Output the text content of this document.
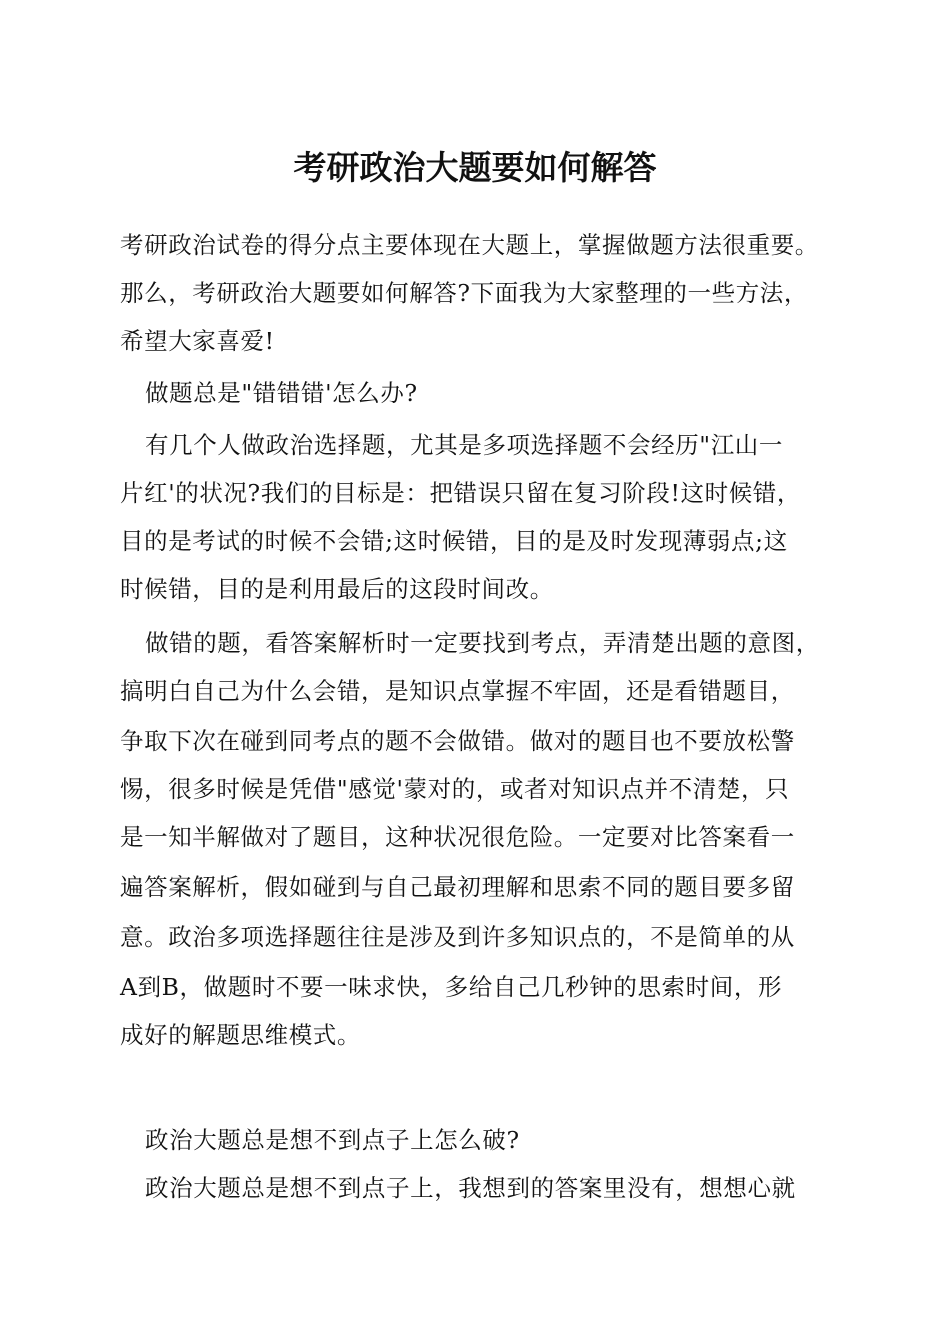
考研政治大题要如何解答
考研政治试卷的得分点主要体现在大题上，掌握做题方法很重要。
那么，考研政治大题要如何解答?下面我为大家整理的一些方法，
希望大家喜爱!
做题总是"错错错'怎么办?
有几个人做政治选择题，尤其是多项选择题不会经历"江山一
片红'的状况?我们的目标是：把错误只留在复习阶段!这时候错，
目的是考试的时候不会错;这时候错，目的是及时发现薄弱点;这
时候错，目的是利用最后的这段时间改。
做错的题，看答案解析时一定要找到考点，弄清楚出题的意图，
搞明白自己为什么会错，是知识点掌握不牢固，还是看错题目，
争取下次在碰到同考点的题不会做错。做对的题目也不要放松警
惕，很多时候是凭借"感觉'蒙对的，或者对知识点并不清楚，只
是一知半解做对了题目，这种状况很危险。一定要对比答案看一
遍答案解析，假如碰到与自己最初理解和思索不同的题目要多留
意。政治多项选择题往往是涉及到许多知识点的，不是简单的从
A到B，做题时不要一味求快，多给自己几秒钟的思索时间，形
成好的解题思维模式。
政治大题总是想不到点子上怎么破?
政治大题总是想不到点子上，我想到的答案里没有，想想心就
